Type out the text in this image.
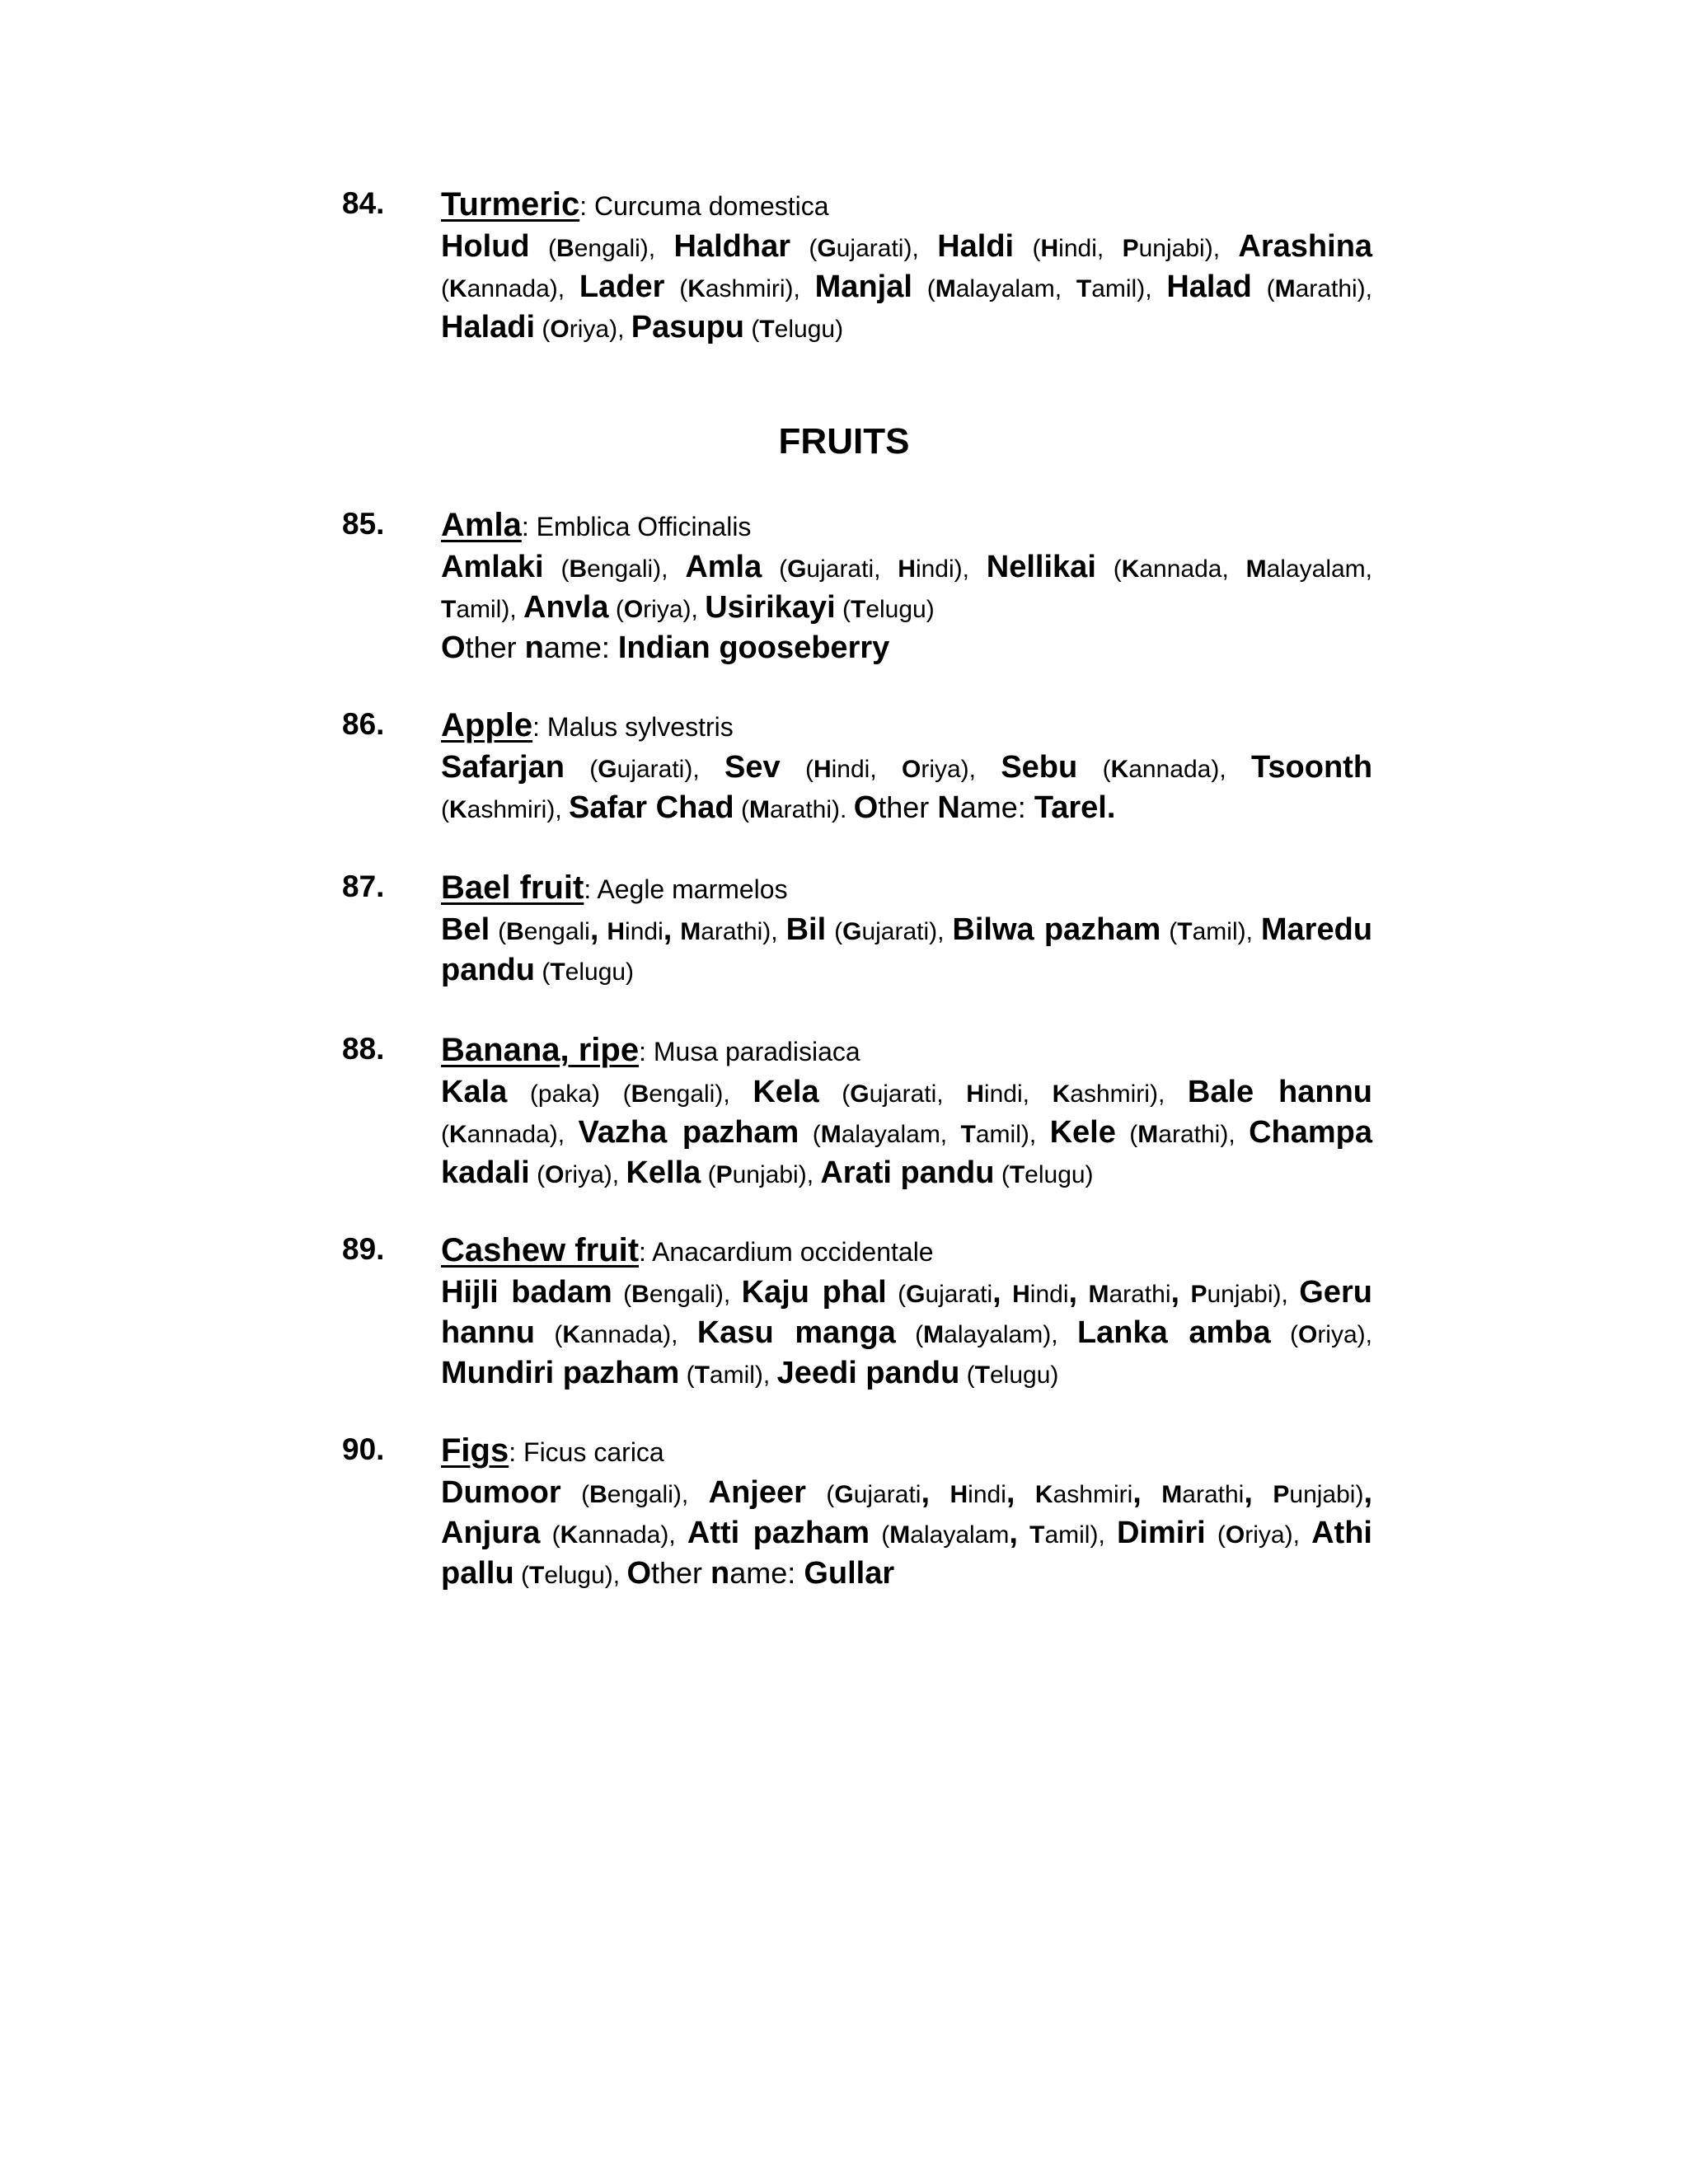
84. Turmeric: Curcuma domestica
Holud (Bengali), Haldhar (Gujarati), Haldi (Hindi, Punjabi), Arashina (Kannada), Lader (Kashmiri), Manjal (Malayalam, Tamil), Halad (Marathi), Haladi (Oriya), Pasupu (Telugu)
FRUITS
85. Amla: Emblica Officinalis
Amlaki (Bengali), Amla (Gujarati, Hindi), Nellikai (Kannada, Malayalam, Tamil), Anvla (Oriya), Usirikayi (Telugu)
Other name: Indian gooseberry
86. Apple: Malus sylvestris
Safarjan (Gujarati), Sev (Hindi, Oriya), Sebu (Kannada), Tsoonth (Kashmiri), Safar Chad (Marathi). Other Name: Tarel.
87. Bael fruit: Aegle marmelos
Bel (Bengali, Hindi, Marathi), Bil (Gujarati), Bilwa pazham (Tamil), Maredu pandu (Telugu)
88. Banana, ripe: Musa paradisiaca
Kala (paka) (Bengali), Kela (Gujarati, Hindi, Kashmiri), Bale hannu (Kannada), Vazha pazham (Malayalam, Tamil), Kele (Marathi), Champa kadali (Oriya), Kella (Punjabi), Arati pandu (Telugu)
89. Cashew fruit: Anacardium occidentale
Hijli badam (Bengali), Kaju phal (Gujarati, Hindi, Marathi, Punjabi), Geru hannu (Kannada), Kasu manga (Malayalam), Lanka amba (Oriya), Mundiri pazham (Tamil), Jeedi pandu (Telugu)
90. Figs: Ficus carica
Dumoor (Bengali), Anjeer (Gujarati, Hindi, Kashmiri, Marathi, Punjabi), Anjura (Kannada), Atti pazham (Malayalam, Tamil), Dimiri (Oriya), Athi pallu (Telugu), Other name: Gullar
